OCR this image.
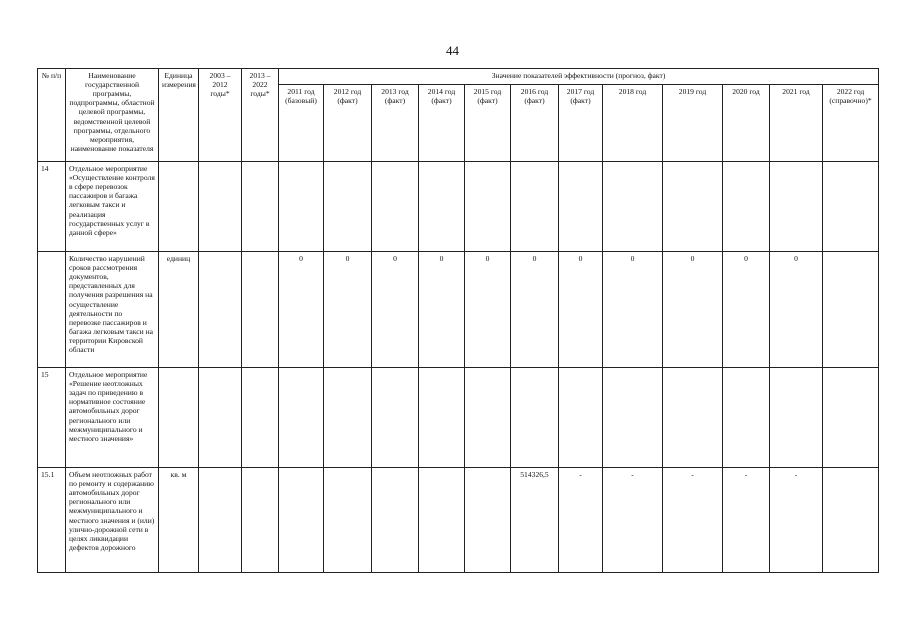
44
№ п/п	Наименование государственной программы, подпрограммы, областной целевой программы, ведомственной целевой программы, отдельного мероприятия, наименование показателя	Единица измерения	2003 – 2012 годы*	2013 – 2022 годы*	Значение показателей эффективности (прогноз, факт)											
					2011 год (базовый)	2012 год (факт)	2013 год (факт)	2014 год (факт)	2015 год (факт)	2016 год (факт)	2017 год (факт)	2018 год	2019 год	2020 год	2021 год	2022 год (справочно)*
14	Отдельное мероприятие «Осуществление контроля в сфере перевозок пассажиров и багажа легковым такси и реализация государственных услуг в данной сфере»															
	Количество нарушений сроков рассмотрения документов, представленных для получения разрешения на осуществление деятельности по перевозке пассажиров и багажа легковым такси на территории Кировской области	единиц			0	0	0	0	0	0	0	0	0	0	0	
15	Отдельное мероприятие «Решение неотложных задач по приведению в нормативное состояние автомобильных дорог регионального или межмуниципального и местного значения»															
15.1	Объем неотложных работ по ремонту и содержанию автомобильных дорог регионального или межмуниципального и местного значения и (или) улично-дорожной сети в целях ликвидации дефектов дорожного	кв. м								514326,5	-	-	-	-	-	
